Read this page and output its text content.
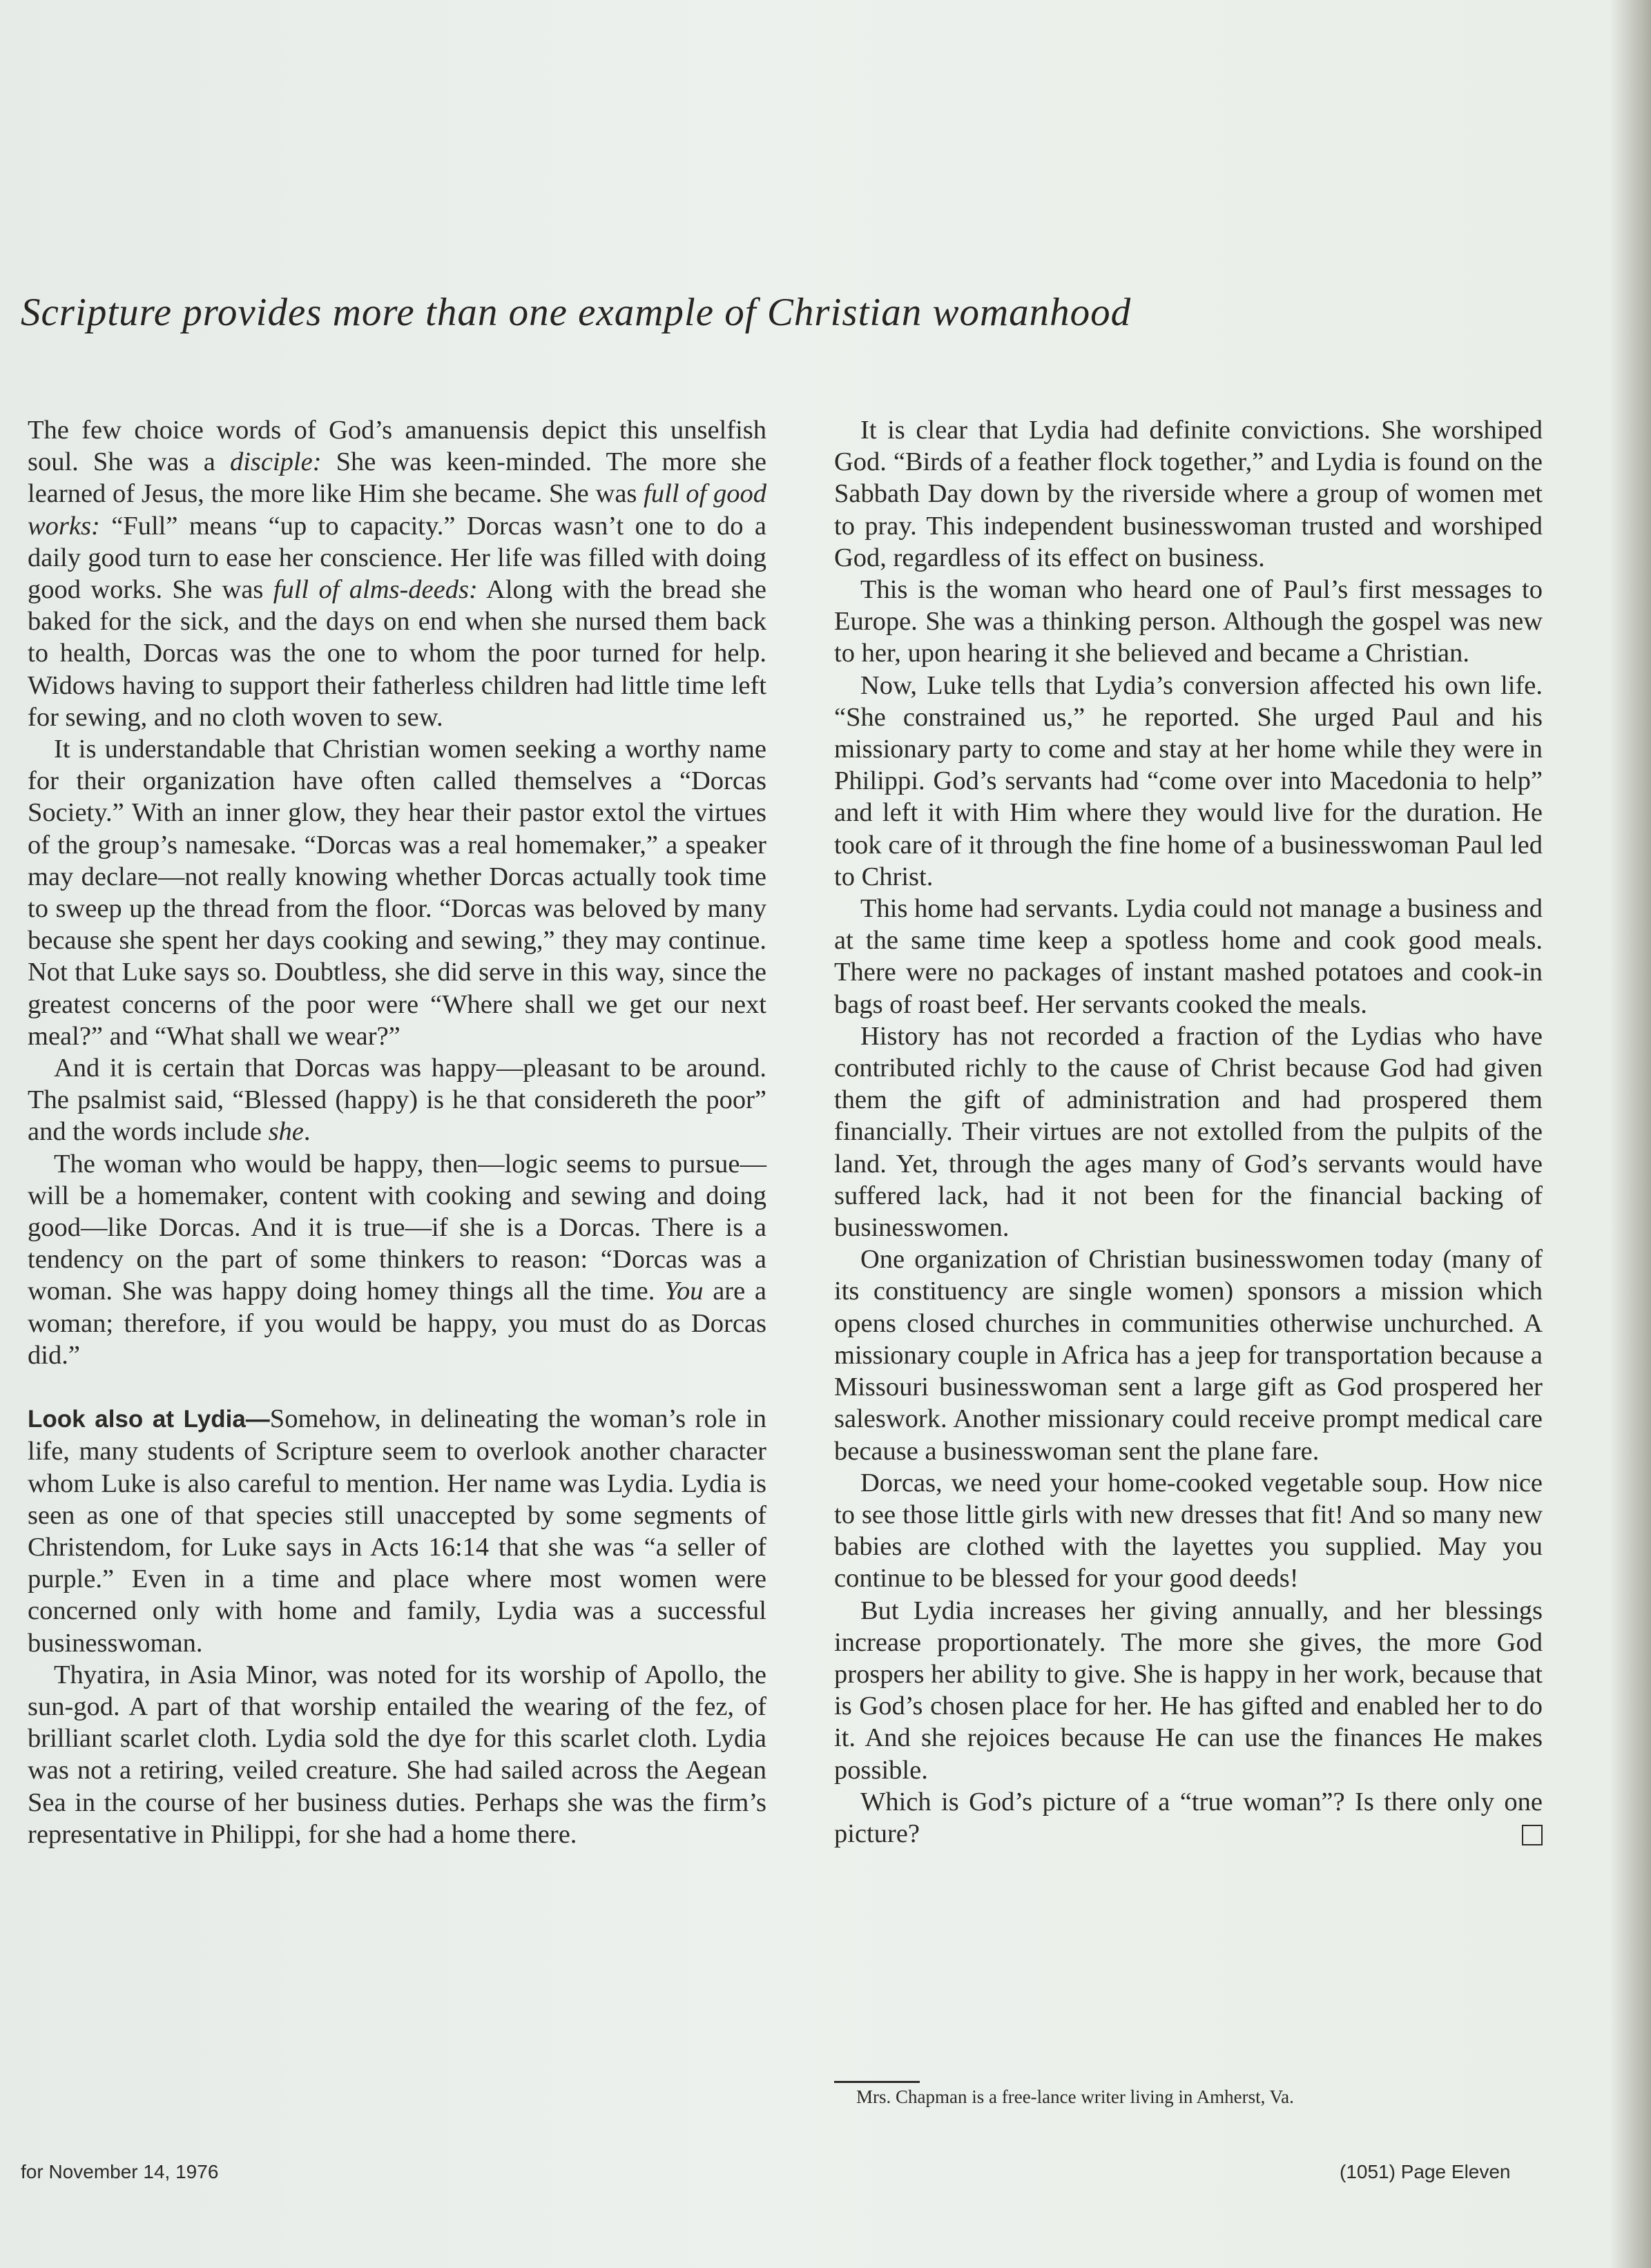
Scripture provides more than one example of Christian womanhood

The few choice words of God’s amanuensis depict this unselfish soul. She was a disciple: She was keen-minded. The more she learned of Jesus, the more like Him she became. She was full of good works: “Full” means “up to capacity.” Dorcas wasn’t one to do a daily good turn to ease her conscience. Her life was filled with doing good works. She was full of alms-deeds: Along with the bread she baked for the sick, and the days on end when she nursed them back to health, Dorcas was the one to whom the poor turned for help. Widows having to support their fatherless children had little time left for sewing, and no cloth woven to sew.

It is understandable that Christian women seeking a worthy name for their organization have often called themselves a “Dorcas Society.” With an inner glow, they hear their pastor extol the virtues of the group’s namesake. “Dorcas was a real homemaker,” a speaker may declare—not really knowing whether Dorcas actually took time to sweep up the thread from the floor. “Dorcas was beloved by many because she spent her days cooking and sewing,” they may continue. Not that Luke says so. Doubtless, she did serve in this way, since the greatest concerns of the poor were “Where shall we get our next meal?” and “What shall we wear?”

And it is certain that Dorcas was happy—pleasant to be around. The psalmist said, “Blessed (happy) is he that considereth the poor” and the words include she.

The woman who would be happy, then—logic seems to pursue—will be a homemaker, content with cooking and sewing and doing good—like Dorcas. And it is true—if she is a Dorcas. There is a tendency on the part of some thinkers to reason: “Dorcas was a woman. She was happy doing homey things all the time. You are a woman; therefore, if you would be happy, you must do as Dorcas did.”

Look also at Lydia—Somehow, in delineating the woman’s role in life, many students of Scripture seem to overlook another character whom Luke is also careful to mention. Her name was Lydia. Lydia is seen as one of that species still unaccepted by some segments of Christendom, for Luke says in Acts 16:14 that she was “a seller of purple.” Even in a time and place where most women were concerned only with home and family, Lydia was a successful businesswoman.

Thyatira, in Asia Minor, was noted for its worship of Apollo, the sun-god. A part of that worship entailed the wearing of the fez, of brilliant scarlet cloth. Lydia sold the dye for this scarlet cloth. Lydia was not a retiring, veiled creature. She had sailed across the Aegean Sea in the course of her business duties. Perhaps she was the firm’s representative in Philippi, for she had a home there.

It is clear that Lydia had definite convictions. She worshiped God. “Birds of a feather flock together,” and Lydia is found on the Sabbath Day down by the riverside where a group of women met to pray. This independent businesswoman trusted and worshiped God, regardless of its effect on business.

This is the woman who heard one of Paul’s first messages to Europe. She was a thinking person. Although the gospel was new to her, upon hearing it she believed and became a Christian.

Now, Luke tells that Lydia’s conversion affected his own life. “She constrained us,” he reported. She urged Paul and his missionary party to come and stay at her home while they were in Philippi. God’s servants had “come over into Macedonia to help” and left it with Him where they would live for the duration. He took care of it through the fine home of a businesswoman Paul led to Christ.

This home had servants. Lydia could not manage a business and at the same time keep a spotless home and cook good meals. There were no packages of instant mashed potatoes and cook-in bags of roast beef. Her servants cooked the meals.

History has not recorded a fraction of the Lydias who have contributed richly to the cause of Christ because God had given them the gift of administration and had prospered them financially. Their virtues are not extolled from the pulpits of the land. Yet, through the ages many of God’s servants would have suffered lack, had it not been for the financial backing of businesswomen.

One organization of Christian businesswomen today (many of its constituency are single women) sponsors a mission which opens closed churches in communities otherwise unchurched. A missionary couple in Africa has a jeep for transportation because a Missouri businesswoman sent a large gift as God prospered her saleswork. Another missionary could receive prompt medical care because a businesswoman sent the plane fare.

Dorcas, we need your home-cooked vegetable soup. How nice to see those little girls with new dresses that fit! And so many new babies are clothed with the layettes you supplied. May you continue to be blessed for your good deeds!

But Lydia increases her giving annually, and her blessings increase proportionately. The more she gives, the more God prospers her ability to give. She is happy in her work, because that is God’s chosen place for her. He has gifted and enabled her to do it. And she rejoices because He can use the finances He makes possible.

Which is God’s picture of a “true woman”? Is there only one picture?

Mrs. Chapman is a free-lance writer living in Amherst, Va.
for November 14, 1976	(1051) Page Eleven
